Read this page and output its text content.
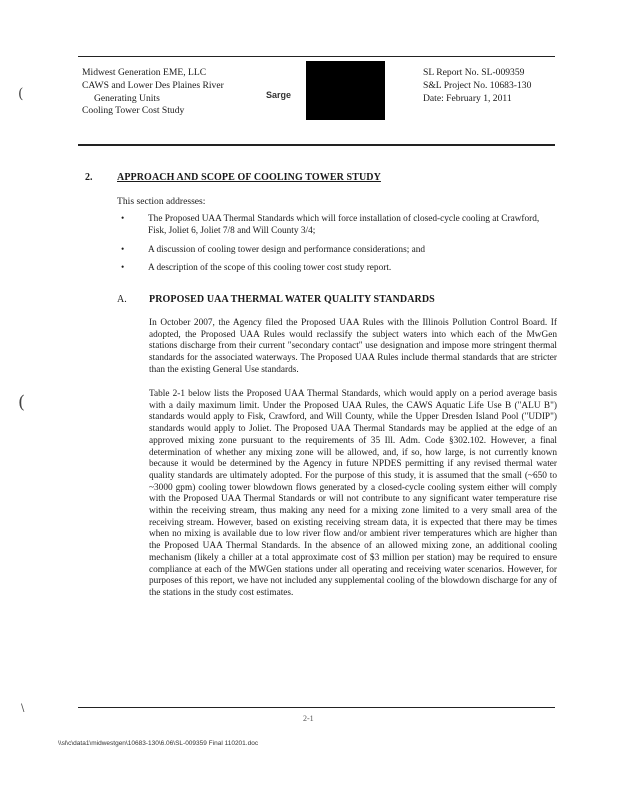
(
(
\
Midwest Generation EME, LLC
CAWS and Lower Des Plaines River
Generating Units
Cooling Tower Cost Study
Sarge
SL Report No. SL-009359
S&L Project No. 10683-130
Date: February 1, 2011
2. APPROACH AND SCOPE OF COOLING TOWER STUDY
This section addresses:
•	The Proposed UAA Thermal Standards which will force installation of closed-cycle cooling at Crawford, Fisk, Joliet 6, Joliet 7/8 and Will County 3/4;
•	A discussion of cooling tower design and performance considerations; and
•	A description of the scope of this cooling tower cost study report.
A. PROPOSED UAA THERMAL WATER QUALITY STANDARDS

In October 2007, the Agency filed the Proposed UAA Rules with the Illinois Pollution Control Board. If adopted, the Proposed UAA Rules would reclassify the subject waters into which each of the MwGen stations discharge from their current "secondary contact" use designation and impose more stringent thermal standards for the associated waterways. The Proposed UAA Rules include thermal standards that are stricter than the existing General Use standards.

Table 2-1 below lists the Proposed UAA Thermal Standards, which would apply on a period average basis with a daily maximum limit. Under the Proposed UAA Rules, the CAWS Aquatic Life Use B ("ALU B") standards would apply to Fisk, Crawford, and Will County, while the Upper Dresden Island Pool ("UDIP") standards would apply to Joliet. The Proposed UAA Thermal Standards may be applied at the edge of an approved mixing zone pursuant to the requirements of 35 Ill. Adm. Code §302.102. However, a final determination of whether any mixing zone will be allowed, and, if so, how large, is not currently known because it would be determined by the Agency in future NPDES permitting if any revised thermal water quality standards are ultimately adopted. For the purpose of this study, it is assumed that the small (~650 to ~3000 gpm) cooling tower blowdown flows generated by a closed-cycle cooling system either will comply with the Proposed UAA Thermal Standards or will not contribute to any significant water temperature rise within the receiving stream, thus making any need for a mixing zone limited to a very small area of the receiving stream. However, based on existing receiving stream data, it is expected that there may be times when no mixing is available due to low river flow and/or ambient river temperatures which are higher than the Proposed UAA Thermal Standards. In the absence of an allowed mixing zone, an additional cooling mechanism (likely a chiller at a total approximate cost of $3 million per station) may be required to ensure compliance at each of the MWGen stations under all operating and receiving water scenarios. However, for purposes of this report, we have not included any supplemental cooling of the blowdown discharge for any of the stations in the study cost estimates.

2-1
\\sl\c\data1\midwestgen\10683-130\6.06\SL-009359 Final 110201.doc
